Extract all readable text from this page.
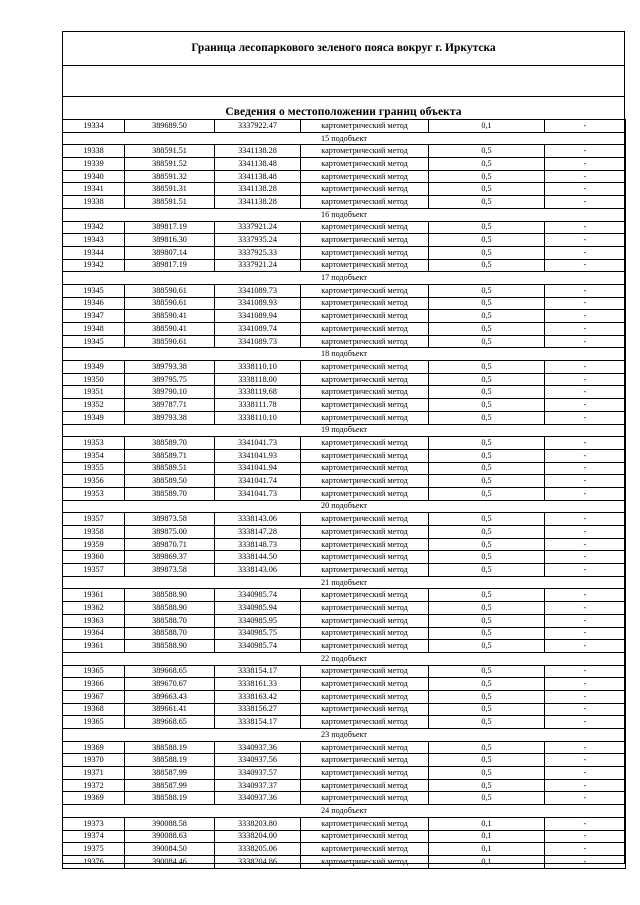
Граница лесопаркового зеленого пояса вокруг г. Иркутска
Сведения о местоположении границ объекта
19334	389689.50	3337922.47	картометрический метод	0,1	-
15 подобъект					
19338	388591.51	3341138.28	картометрический метод	0,5	-
19339	388591.52	3341138.48	картометрический метод	0,5	-
19340	388591.32	3341138.48	картометрический метод	0,5	-
19341	388591.31	3341138.28	картометрический метод	0,5	-
19338	388591.51	3341138.28	картометрический метод	0,5	-
16 подобъект					
19342	389817.19	3337921.24	картометрический метод	0,5	-
19343	389816.30	3337935.24	картометрический метод	0,5	-
19344	389807.14	3337925.33	картометрический метод	0,5	-
19342	389817.19	3337921.24	картометрический метод	0,5	-
17 подобъект					
19345	388590.61	3341089.73	картометрический метод	0,5	-
19346	388590.61	3341089.93	картометрический метод	0,5	-
19347	388590.41	3341089.94	картометрический метод	0,5	-
19348	388590.41	3341089.74	картометрический метод	0,5	-
19345	388590.61	3341089.73	картометрический метод	0,5	-
18 подобъект					
19349	389793.38	3338110.10	картометрический метод	0,5	-
19350	389795.75	3338118.00	картометрический метод	0,5	-
19351	389790.10	3338119.68	картометрический метод	0,5	-
19352	389787.71	3338111.78	картометрический метод	0,5	-
19349	389793.38	3338110.10	картометрический метод	0,5	-
19 подобъект					
19353	388589.70	3341041.73	картометрический метод	0,5	-
19354	388589.71	3341041.93	картометрический метод	0,5	-
19355	388589.51	3341041.94	картометрический метод	0,5	-
19356	388589.50	3341041.74	картометрический метод	0,5	-
19353	388589.70	3341041.73	картометрический метод	0,5	-
20 подобъект					
19357	389873.58	3338143.06	картометрический метод	0,5	-
19358	389875.00	3338147.28	картометрический метод	0,5	-
19359	389870.71	3338148.73	картометрический метод	0,5	-
19360	389869.37	3338144.50	картометрический метод	0,5	-
19357	389873.58	3338143.06	картометрический метод	0,5	-
21 подобъект					
19361	388588.90	3340985.74	картометрический метод	0,5	-
19362	388588.90	3340985.94	картометрический метод	0,5	-
19363	388588.70	3340985.95	картометрический метод	0,5	-
19364	388588.70	3340985.75	картометрический метод	0,5	-
19361	388588.90	3340985.74	картометрический метод	0,5	-
22 подобъект					
19365	389668.65	3338154.17	картометрический метод	0,5	-
19366	389670.67	3338161.33	картометрический метод	0,5	-
19367	389663.43	3338163.42	картометрический метод	0,5	-
19368	389661.41	3338156.27	картометрический метод	0,5	-
19365	389668.65	3338154.17	картометрический метод	0,5	-
23 подобъект					
19369	388588.19	3340937.36	картометрический метод	0,5	-
19370	388588.19	3340937.56	картометрический метод	0,5	-
19371	388587.99	3340937.57	картометрический метод	0,5	-
19372	388587.99	3340937.37	картометрический метод	0,5	-
19369	388588.19	3340937.36	картометрический метод	0,5	-
24 подобъект					
19373	390088.58	3338203.80	картометрический метод	0,1	-
19374	390088.63	3338204.00	картометрический метод	0,1	-
19375	390084.50	3338205.06	картометрический метод	0,1	-
19376	390084.46	3338204.86	картометрический метод	0,1	-
